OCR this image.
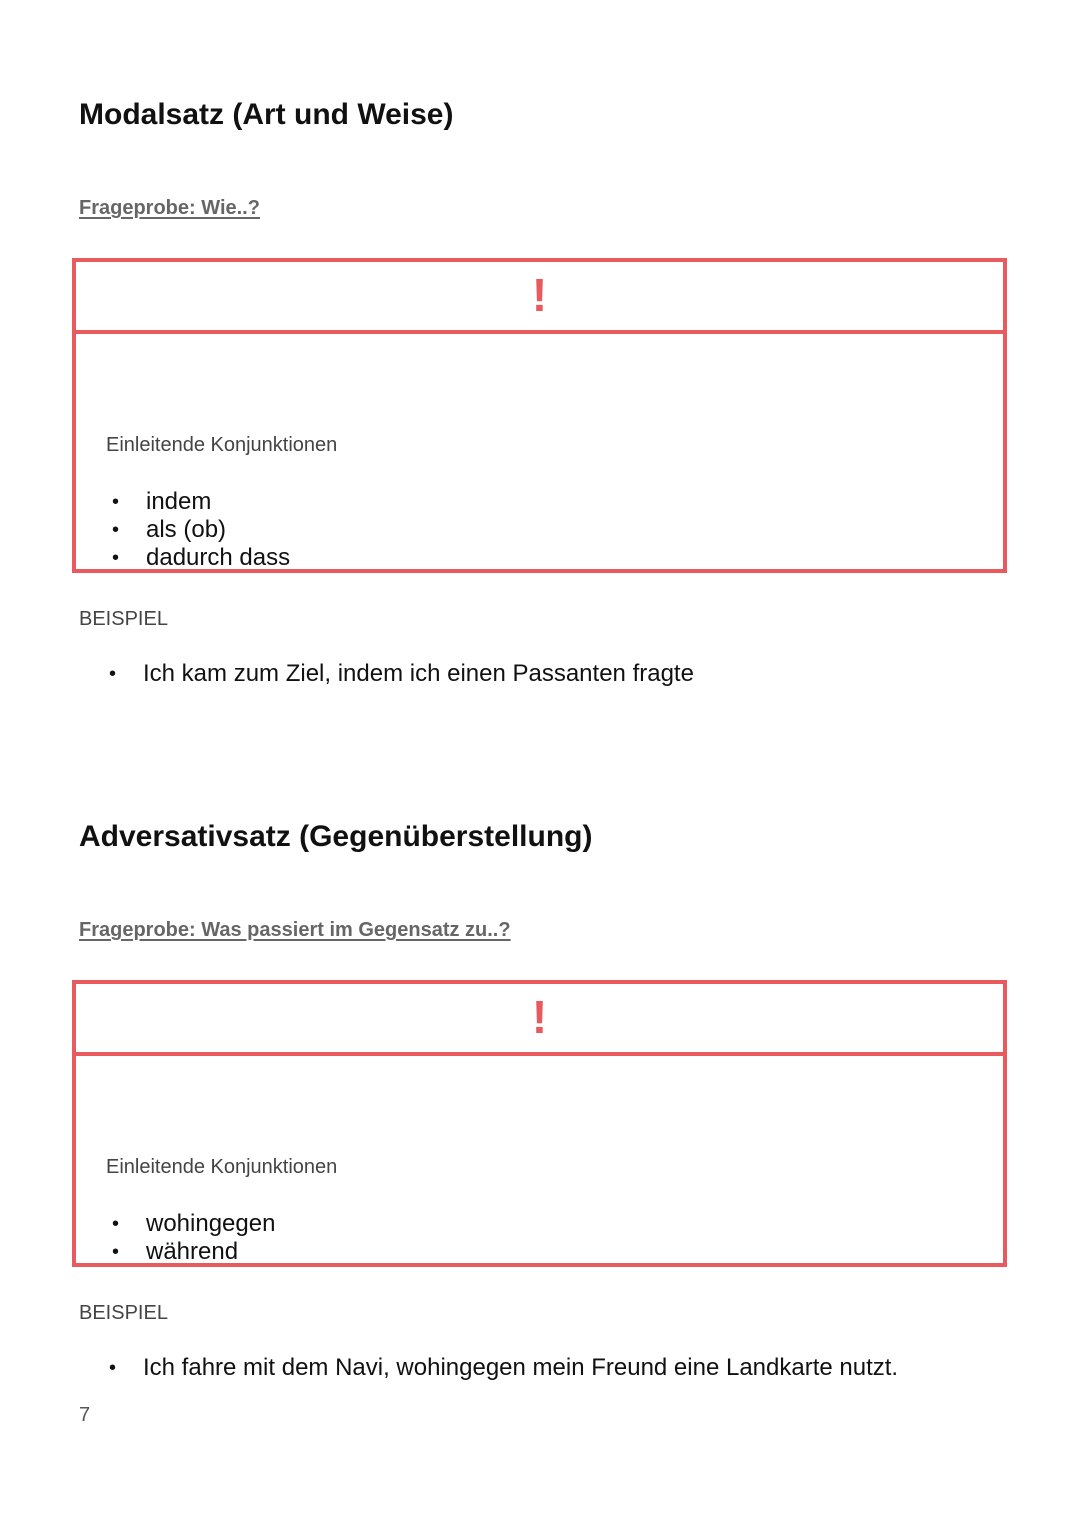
Modalsatz (Art und Weise)
Frageprobe: Wie..?
!
Einleitende Konjunktionen
• indem
• als (ob)
• dadurch dass
BEISPIEL
• Ich kam zum Ziel, indem ich einen Passanten fragte
Adversativsatz (Gegenüberstellung)
Frageprobe: Was passiert im Gegensatz zu..?
!
Einleitende Konjunktionen
• wohingegen
• während
BEISPIEL
• Ich fahre mit dem Navi, wohingegen mein Freund eine Landkarte nutzt.
7
